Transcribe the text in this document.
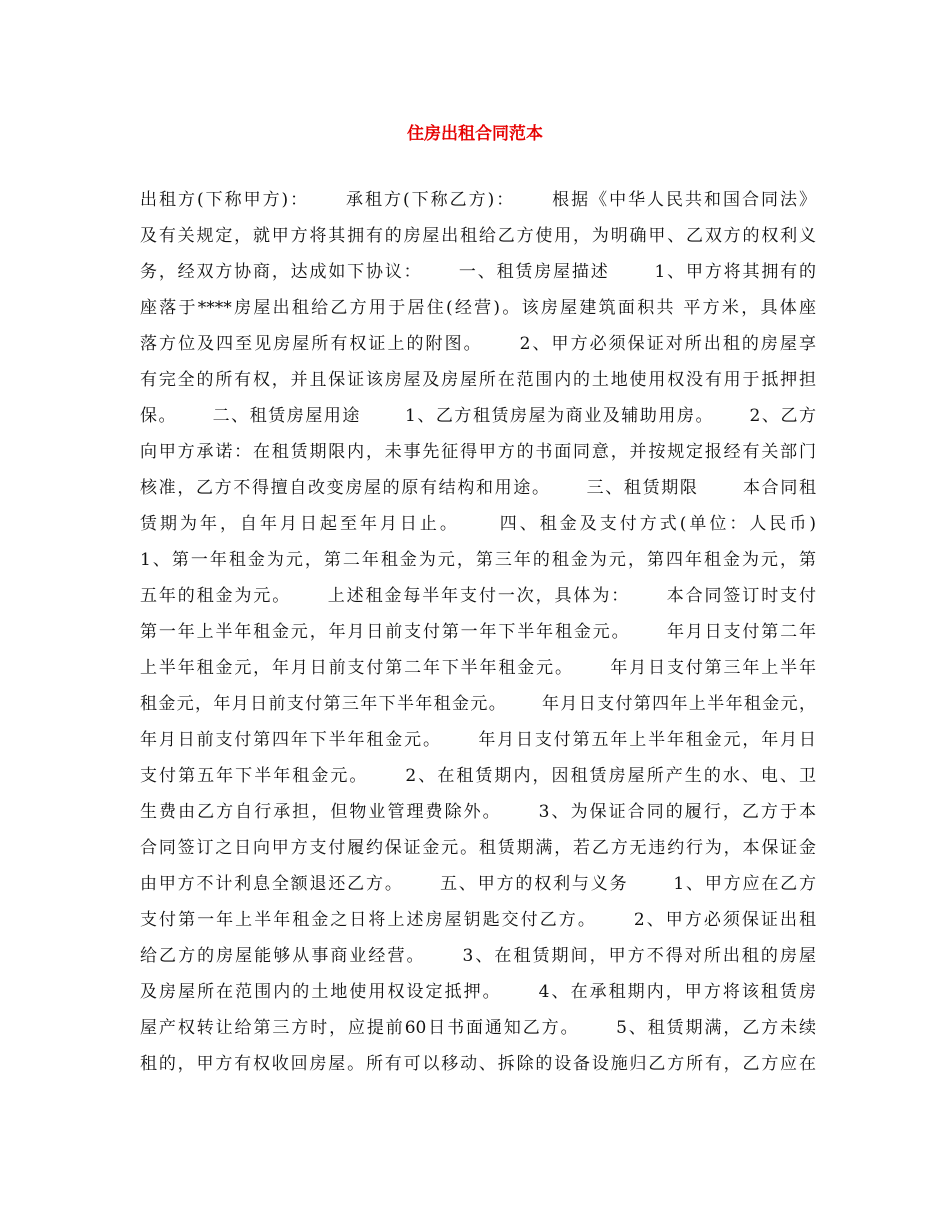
住房出租合同范本
出租方(下称甲方)：　　 承租方(下称乙方)：　　 根据《中华人民共和国合同法》
及有关规定，就甲方将其拥有的房屋出租给乙方使用，为明确甲、乙双方的权利义
务，经双方协商，达成如下协议：　　 一、租赁房屋描述　　 1、甲方将其拥有的
座落于****房屋出租给乙方用于居住(经营)。该房屋建筑面积共 平方米，具体座
落方位及四至见房屋所有权证上的附图。　　 2、甲方必须保证对所出租的房屋享
有完全的所有权，并且保证该房屋及房屋所在范围内的土地使用权没有用于抵押担
保。　　 二、租赁房屋用途　　 1、乙方租赁房屋为商业及辅助用房。　　 2、乙方
向甲方承诺：在租赁期限内，未事先征得甲方的书面同意，并按规定报经有关部门
核准，乙方不得擅自改变房屋的原有结构和用途。　　 三、租赁期限　　 本合同租
赁期为年，自年月日起至年月日止。　　 四、租金及支付方式(单位：人民币)
1、第一年租金为元，第二年租金为元，第三年的租金为元，第四年租金为元，第
五年的租金为元。　　 上述租金每半年支付一次，具体为：　　 本合同签订时支付
第一年上半年租金元，年月日前支付第一年下半年租金元。　　 年月日支付第二年
上半年租金元，年月日前支付第二年下半年租金元。　　 年月日支付第三年上半年
租金元，年月日前支付第三年下半年租金元。　　 年月日支付第四年上半年租金元，
年月日前支付第四年下半年租金元。　　 年月日支付第五年上半年租金元，年月日
支付第五年下半年租金元。　　 2、在租赁期内，因租赁房屋所产生的水、电、卫
生费由乙方自行承担，但物业管理费除外。　　 3、为保证合同的履行，乙方于本
合同签订之日向甲方支付履约保证金元。租赁期满，若乙方无违约行为，本保证金
由甲方不计利息全额退还乙方。　　 五、甲方的权利与义务　　 1、甲方应在乙方
支付第一年上半年租金之日将上述房屋钥匙交付乙方。　　 2、甲方必须保证出租
给乙方的房屋能够从事商业经营。　　 3、在租赁期间，甲方不得对所出租的房屋
及房屋所在范围内的土地使用权设定抵押。　　 4、在承租期内，甲方将该租赁房
屋产权转让给第三方时，应提前60日书面通知乙方。　　 5、租赁期满，乙方未续
租的，甲方有权收回房屋。所有可以移动、拆除的设备设施归乙方所有，乙方应在
